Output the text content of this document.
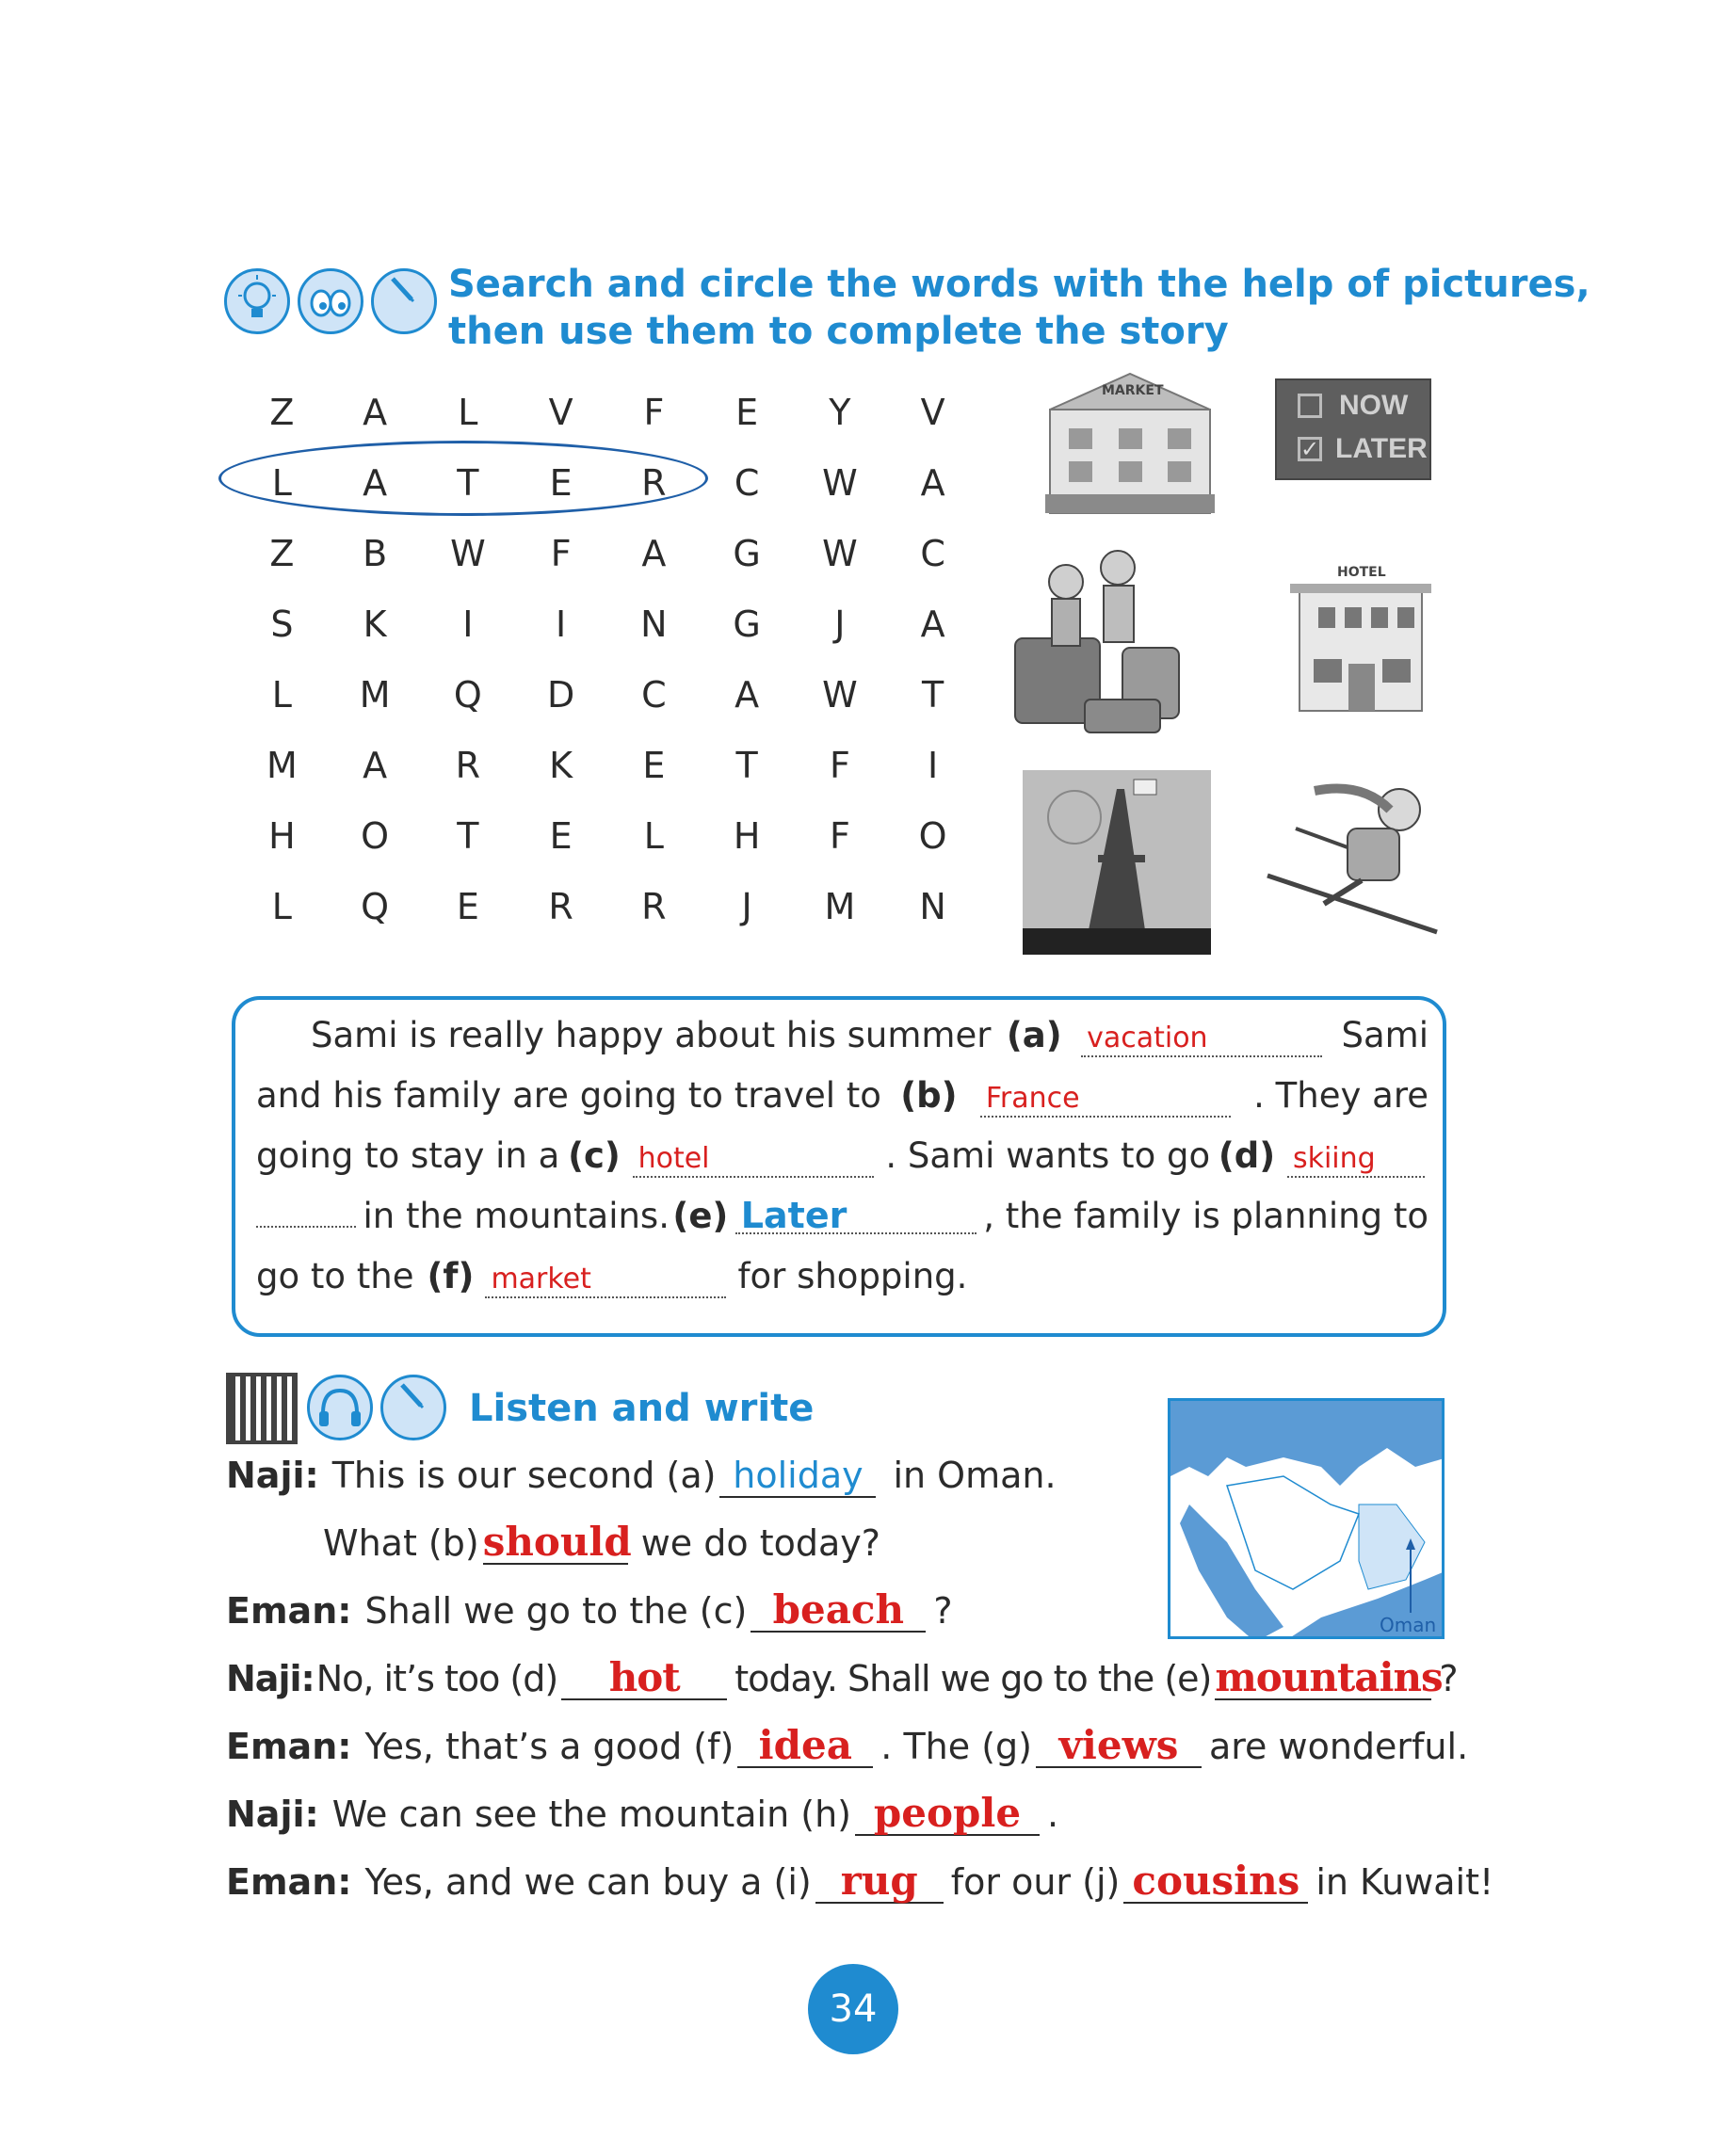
Search and circle the words with the help of pictures,
then use them to complete the story
Z	A	L	V	F	E	Y	V
L	A	T	E	R	C	W	A
Z	B	W	F	A	G	W	C
S	K	I	I	N	G	J	A
L	M	Q	D	C	A	W	T
M	A	R	K	E	T	F	I
H	O	T	E	L	H	F	O
L	Q	E	R	R	J	M	N
MARKET	NOW
✓ LATER
HOTEL
Sami is really happy about his summer (a) vacation	Sami
and his family are going to travel to (b) France	. They are
going to stay in a (c) hotel	. Sami wants to go (d) skiing
in the mountains. (e) Later	, the family is planning to
go to the (f) market	for shopping.
Listen and write
Oman
Naji: This is our second (a) holiday in Oman.
What (b) should we do today?
Eman: Shall we go to the (c) beach ?
Naji: No, it’s too (d)	hot	today. Shall we go to the (e) mountains
?
Eman: Yes, that’s a good (f) idea . The (g) views are wonderful.
Naji: We can see the mountain (h) people .
Eman: Yes, and we can buy a (i) rug for our (j) cousins in Kuwait!
34
